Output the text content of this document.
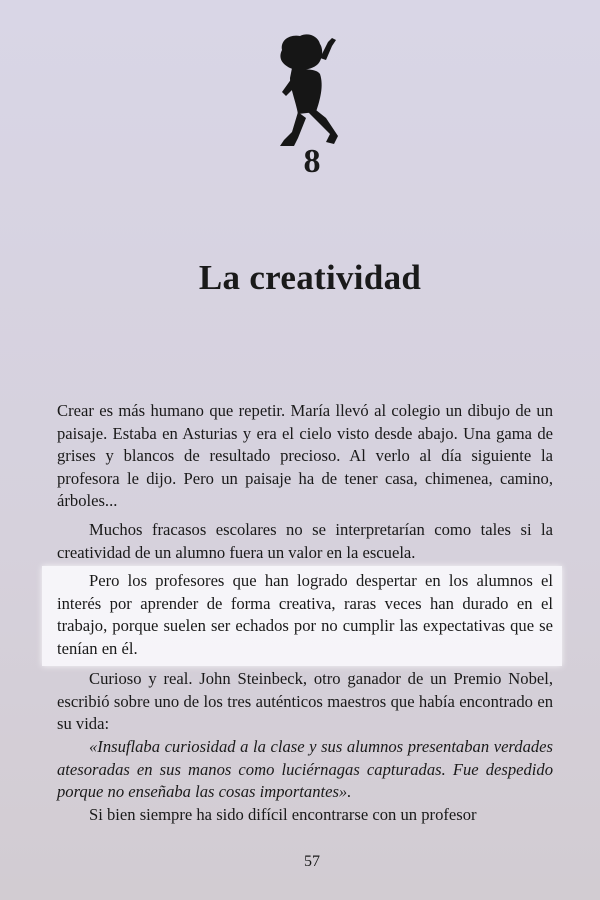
8
La creatividad

Crear es más humano que repetir. María llevó al colegio un dibujo de un paisaje. Estaba en Asturias y era el cielo visto desde abajo. Una gama de grises y blancos de resultado precioso. Al verlo al día siguiente la profesora le dijo. Pero un paisaje ha de tener casa, chimenea, camino, árboles...

Muchos fracasos escolares no se interpretarían como tales si la creatividad de un alumno fuera un valor en la escuela.

Pero los profesores que han logrado despertar en los alumnos el interés por aprender de forma creativa, raras veces han durado en el trabajo, porque suelen ser echados por no cumplir las expectativas que se tenían en él.

Curioso y real. John Steinbeck, otro ganador de un Premio Nobel, escribió sobre uno de los tres auténticos maestros que había encontrado en su vida:

«Insuflaba curiosidad a la clase y sus alumnos presentaban verdades atesoradas en sus manos como luciérnagas capturadas. Fue despedido porque no enseñaba las cosas importantes».

Si bien siempre ha sido difícil encontrarse con un profesor

57
